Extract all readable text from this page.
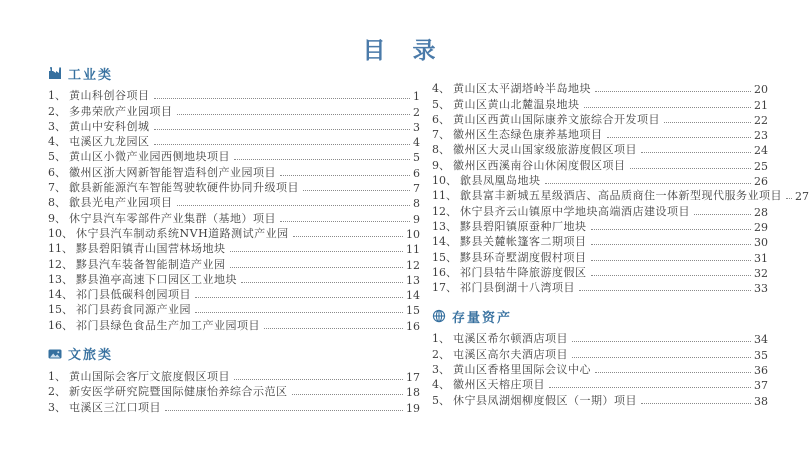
目　录
工业类
1、 黄山科创谷项目	1
2、 多弗荣欣产业园项目	2
3、 黄山中安科创城	3
4、 屯溪区九龙园区	4
5、 黄山区小微产业园西侧地块项目	5
6、 徽州区浙大网新智能智造科创产业园项目	6
7、 歙县新能源汽车智能驾驶软硬件协同升级项目	7
8、 歙县光电产业园项目	8
9、 休宁县汽车零部件产业集群（基地）项目	9
10、 休宁县汽车制动系统NVH道路测试产业园	10
11、 黟县碧阳镇青山国营林场地块	11
12、 黟县汽车装备智能制造产业园	12
13、 黟县渔亭高速下口园区工业地块	13
14、 祁门县低碳科创园项目	14
15、 祁门县药食同源产业园	15
16、 祁门县绿色食品生产加工产业园项目	16
文旅类
1、 黄山国际会客厅文旅度假区项目	17
2、 新安医学研究院暨国际健康怡养综合示范区	18
3、 屯溪区三江口项目	19
4、 黄山区太平湖塔岭半岛地块	20
5、 黄山区黄山北麓温泉地块	21
6、 黄山区西黄山国际康养文旅综合开发项目	22
7、 徽州区生态绿色康养基地项目	23
8、 徽州区大灵山国家级旅游度假区项目	24
9、 徽州区西溪南谷山休闲度假区项目	25
10、 歙县凤凰岛地块	26
11、 歙县富丰新城五星级酒店、高品质商住一体新型现代服务业项目 27
12、 休宁县齐云山镇原中学地块高端酒店建设项目	28
13、 黟县碧阳镇原蚕种厂地块	29
14、 黟县关麓帐篷客二期项目	30
15、 黟县环奇墅湖度假村项目	31
16、 祁门县牯牛降旅游度假区	32
17、 祁门县倒湖十八湾项目	33
存量资产
1、 屯溪区希尔顿酒店项目	34
2、 屯溪区高尔夫酒店项目	35
3、 黄山区香格里国际会议中心	36
4、 徽州区天榕庄项目	37
5、 休宁县凤湖烟柳度假区（一期）项目	38
